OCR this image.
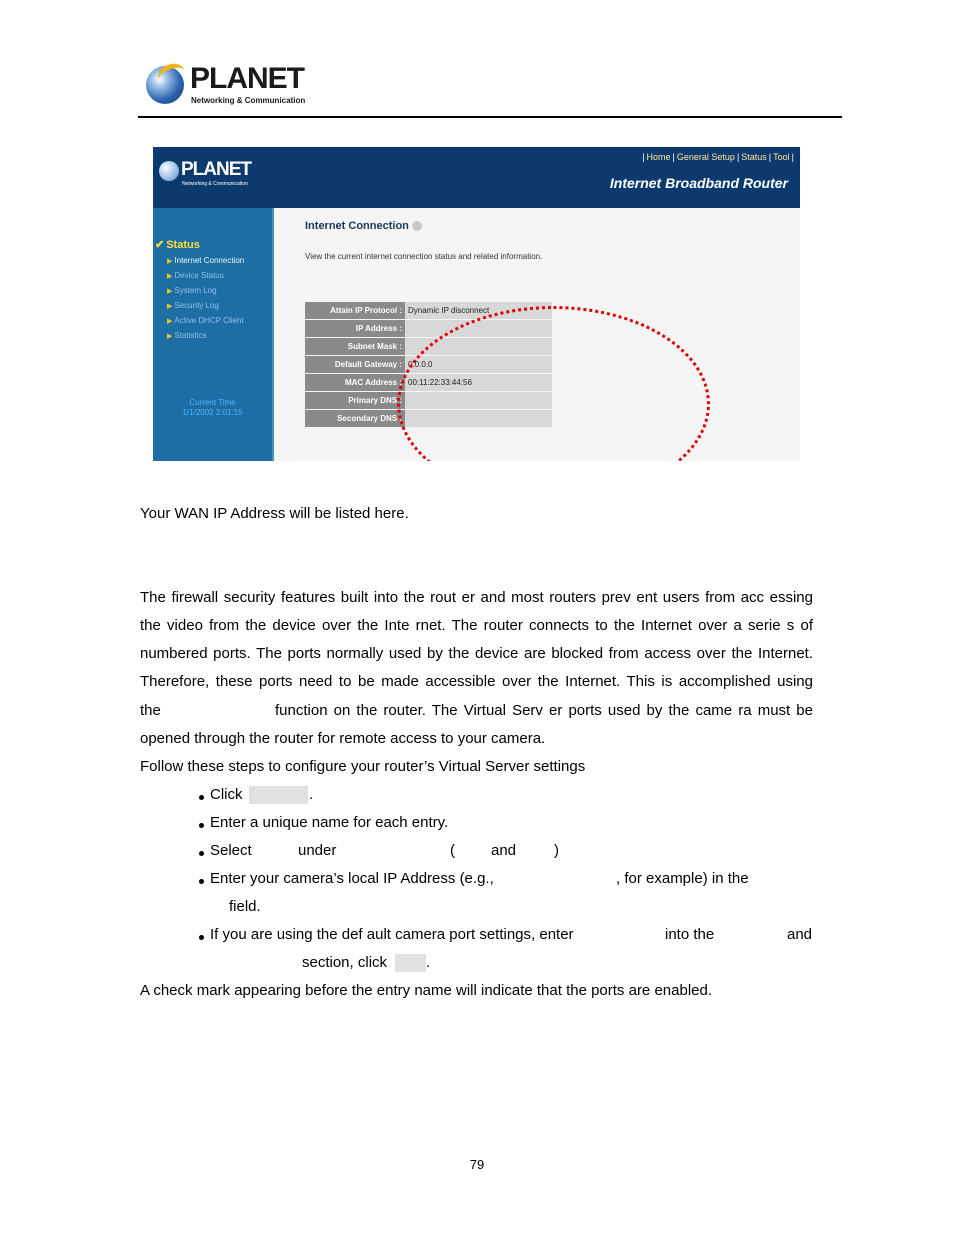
PLANET
Networking & Communication
PLANET
Networking & Communication
| Home | General Setup | Status | Tool |
Internet Broadband Router
✔ Status
▶ Internet Connection
▶ Device Status
▶ System Log
▶ Security Log
▶ Active DHCP Client
▶ Statistics
Current Time
1/1/2002 2:01:15
Internet Connection
View the current internet connection status and related information.
Attain IP Protocol :	Dynamic IP disconnect
IP Address :	
Subnet Mask :	
Default Gateway :	0.0.0.0
MAC Address :	00:11:22:33:44:56
Primary DNS :	
Secondary DNS :	
Your WAN IP Address will be listed here.
The firewall security features built into the rout er and most routers prev ent users from acc essing
the video from the device over the Inte rnet. The router connects to the Internet over a serie s of
numbered ports. The ports normally used by the device are blocked from access over the Internet.
Therefore, these ports need to be made accessible over the Internet. This is accomplished using
the	function on the router. The Virtual Serv er ports used by the came ra must be
opened through the router for remote access to your camera.
Follow these steps to configure your router’s Virtual Server settings
Click	.
Enter a unique name for each entry.
Select	under	( and	)
Enter your camera’s local IP Address (e.g.,	, for example) in the
field.
If you are using the def ault camera port settings, enter	into the	and
section, click	.
A check mark appearing before the entry name will indicate that the ports are enabled.
79
